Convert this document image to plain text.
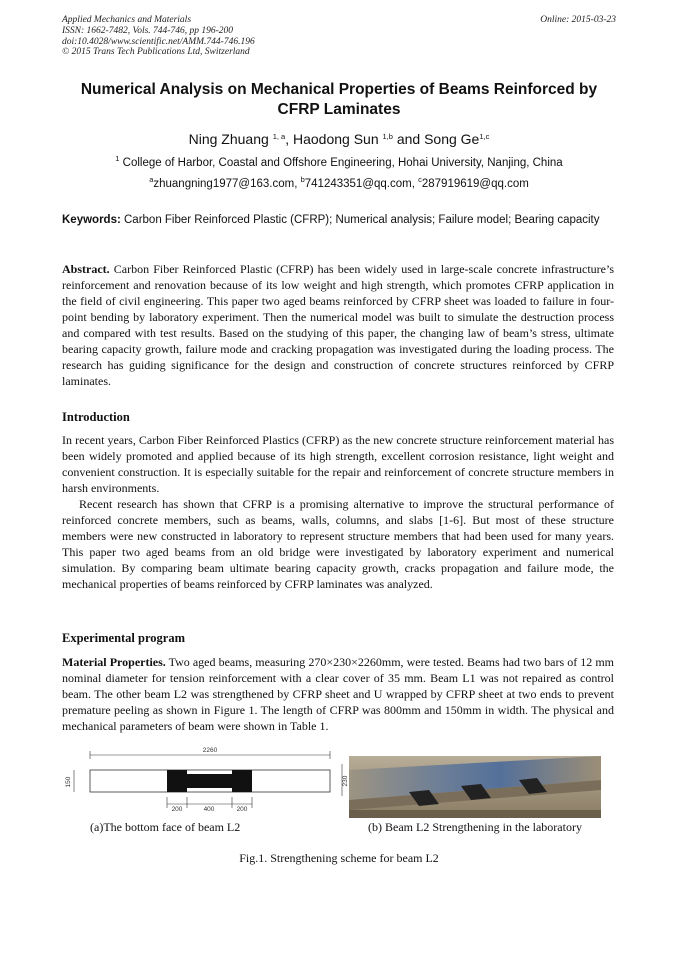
Applied Mechanics and Materials
ISSN: 1662-7482, Vols. 744-746, pp 196-200
doi:10.4028/www.scientific.net/AMM.744-746.196
© 2015 Trans Tech Publications Ltd, Switzerland
Online: 2015-03-23
Numerical Analysis on Mechanical Properties of Beams Reinforced by
CFRP Laminates
Ning Zhuang $^{1, a}$, Haodong Sun $^{1,b}$ and Song Ge$^{1,c}$
$^1$ College of Harbor, Coastal and Offshore Engineering, Hohai University, Nanjing, China
$^a$zhuangning1977@163.com, $^b$741243351@qq.com, $^c$287919619@qq.com
Keywords: Carbon Fiber Reinforced Plastic (CFRP); Numerical analysis; Failure model; Bearing capacity

Abstract. Carbon Fiber Reinforced Plastic (CFRP) has been widely used in large-scale concrete infrastructure’s reinforcement and renovation because of its low weight and high strength, which promotes CFRP application in the field of civil engineering. This paper two aged beams reinforced by CFRP sheet was loaded to failure in four-point bending by laboratory experiment. Then the numerical model was built to simulate the destruction process and compared with test results. Based on the studying of this paper, the changing law of beam’s stress, ultimate bearing capacity growth, failure mode and cracking propagation was investigated during the loading process. The research has guiding significance for the design and construction of concrete structures reinforced by CFRP laminates.

Introduction

In recent years, Carbon Fiber Reinforced Plastics (CFRP) as the new concrete structure reinforcement material has been widely promoted and applied because of its high strength, excellent corrosion resistance, light weight and convenient construction. It is especially suitable for the repair and reinforcement of concrete structure members in harsh environments.

Recent research has shown that CFRP is a promising alternative to improve the structural performance of reinforced concrete members, such as beams, walls, columns, and slabs [1-6]. But most of these structure members were new constructed in laboratory to represent structure members that had been used for many years. This paper two aged beams from an old bridge were investigated by laboratory experiment and numerical simulation. By comparing beam ultimate bearing capacity growth, cracks propagation and failure mode, the mechanical properties of beams reinforced by CFRP laminates was analyzed.

Experimental program

Material Properties. Two aged beams, measuring 270×230×2260mm, were tested. Beams had two bars of 12 mm nominal diameter for tension reinforcement with a clear cover of 35 mm. Beam L1 was not repaired as control beam. The other beam L2 was strengthened by CFRP sheet and U wrapped by CFRP sheet at two ends to prevent premature peeling as shown in Figure 1. The length of CFRP was 800mm and 150mm in width. The physical and mechanical parameters of beam were shown in Table 1.

2260
150	230
200	400	200
(a)The bottom face of beam L2	(b) Beam L2 Strengthening in the laboratory
Fig.1. Strengthening scheme for beam L2
